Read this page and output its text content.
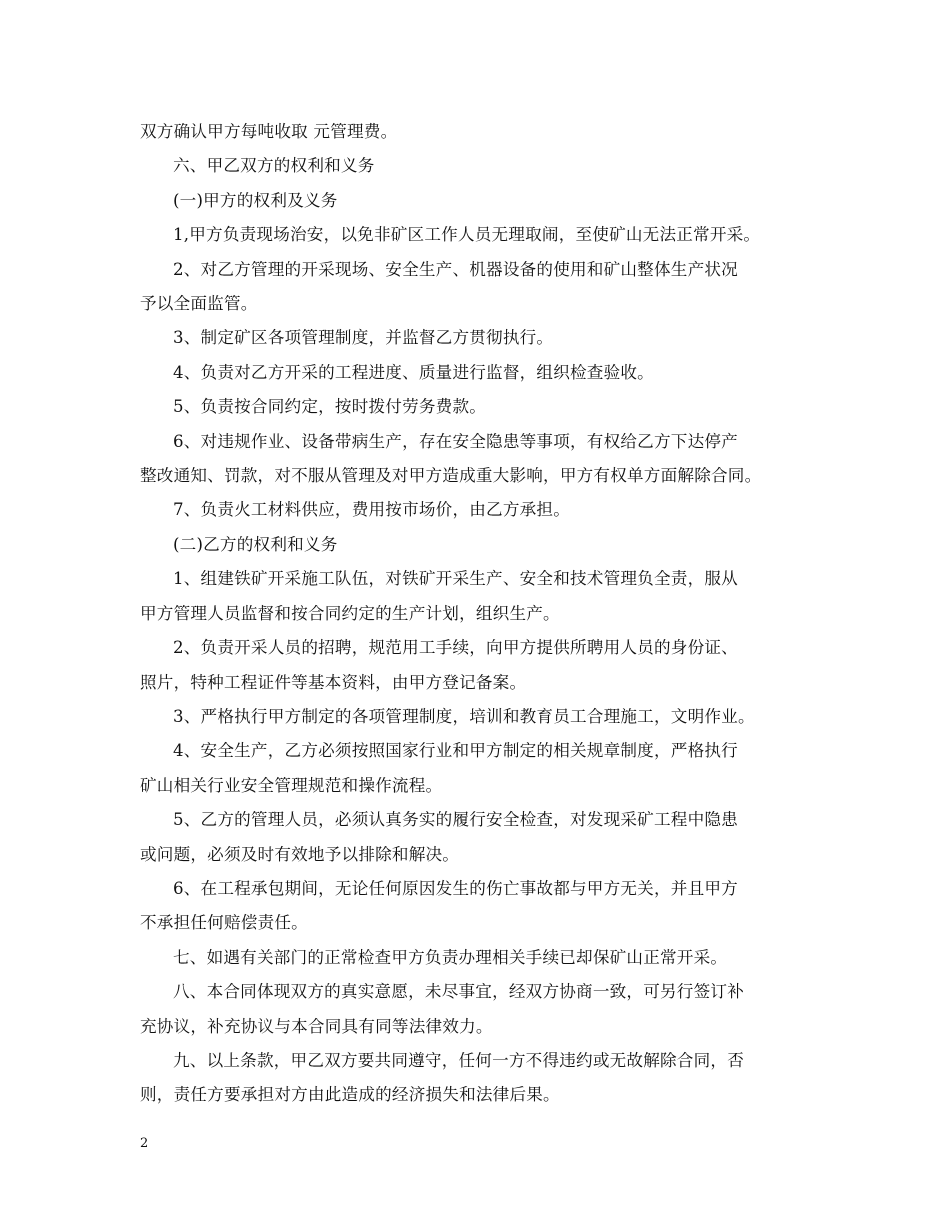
双方确认甲方每吨收取 元管理费。

六、甲乙双方的权利和义务

(一)甲方的权利及义务

1,甲方负责现场治安，以免非矿区工作人员无理取闹，至使矿山无法正常开采。

2、对乙方管理的开采现场、安全生产、机器设备的使用和矿山整体生产状况

予以全面监管。

3、制定矿区各项管理制度，并监督乙方贯彻执行。

4、负责对乙方开采的工程进度、质量进行监督，组织检查验收。

5、负责按合同约定，按时拨付劳务费款。

6、对违规作业、设备带病生产，存在安全隐患等事项，有权给乙方下达停产

整改通知、罚款，对不服从管理及对甲方造成重大影响，甲方有权单方面解除合同。

7、负责火工材料供应，费用按市场价，由乙方承担。

(二)乙方的权利和义务

1、组建铁矿开采施工队伍，对铁矿开采生产、安全和技术管理负全责，服从

甲方管理人员监督和按合同约定的生产计划，组织生产。

2、负责开采人员的招聘，规范用工手续，向甲方提供所聘用人员的身份证、

照片，特种工程证件等基本资料，由甲方登记备案。

3、严格执行甲方制定的各项管理制度，培训和教育员工合理施工，文明作业。

4、安全生产，乙方必须按照国家行业和甲方制定的相关规章制度，严格执行

矿山相关行业安全管理规范和操作流程。

5、乙方的管理人员，必须认真务实的履行安全检查，对发现采矿工程中隐患

或问题，必须及时有效地予以排除和解决。

6、在工程承包期间，无论任何原因发生的伤亡事故都与甲方无关，并且甲方

不承担任何赔偿责任。

七、如遇有关部门的正常检查甲方负责办理相关手续已却保矿山正常开采。

八、本合同体现双方的真实意愿，未尽事宜，经双方协商一致，可另行签订补

充协议，补充协议与本合同具有同等法律效力。

九、以上条款，甲乙双方要共同遵守，任何一方不得违约或无故解除合同，否

则，责任方要承担对方由此造成的经济损失和法律后果。

2
